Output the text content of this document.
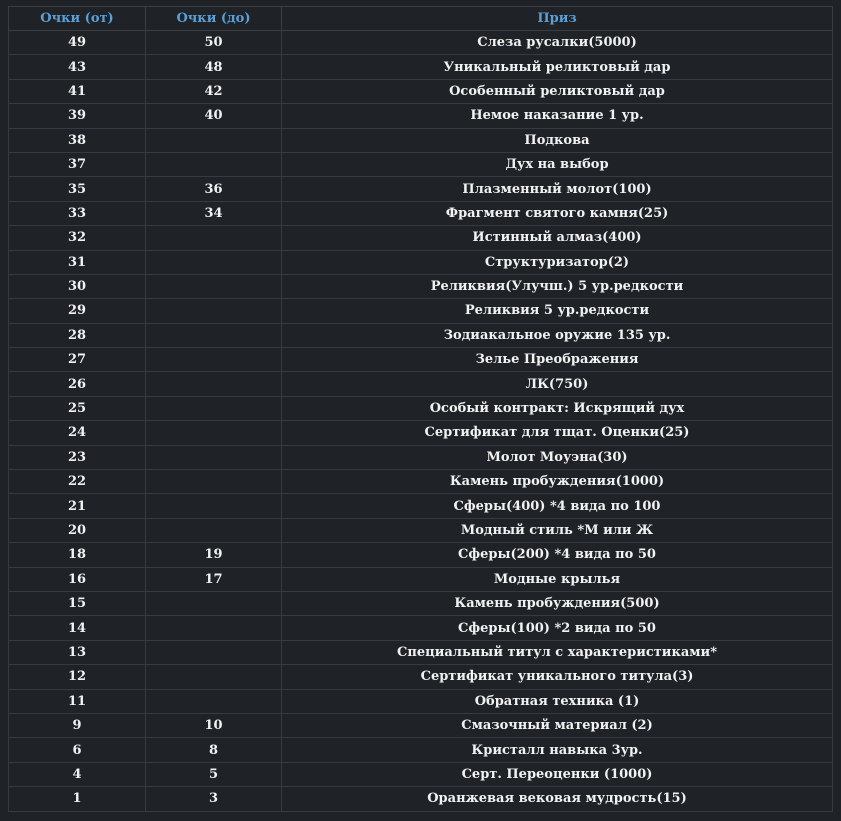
Очки (от)	Очки (до)	Приз
49	50	Слеза русалки(5000)
43	48	Уникальный реликтовый дар
41	42	Особенный реликтовый дар
39	40	Немое наказание 1 ур.
38		Подкова
37		Дух на выбор
35	36	Плазменный молот(100)
33	34	Фрагмент святого камня(25)
32		Истинный алмаз(400)
31		Структуризатор(2)
30		Реликвия(Улучш.) 5 ур.редкости
29		Реликвия 5 ур.редкости
28		Зодиакальное оружие 135 ур.
27		Зелье Преображения
26		ЛК(750)
25		Особый контракт: Искрящий дух
24		Сертификат для тщат. Оценки(25)
23		Молот Моуэна(30)
22		Камень пробуждения(1000)
21		Сферы(400) *4 вида по 100
20		Модный стиль *М или Ж
18	19	Сферы(200) *4 вида по 50
16	17	Модные крылья
15		Камень пробуждения(500)
14		Сферы(100) *2 вида по 50
13		Специальный титул с характеристиками*
12		Сертификат уникального титула(3)
11		Обратная техника (1)
9	10	Смазочный материал (2)
6	8	Кристалл навыка 3ур.
4	5	Серт. Переоценки (1000)
1	3	Оранжевая вековая мудрость(15)
